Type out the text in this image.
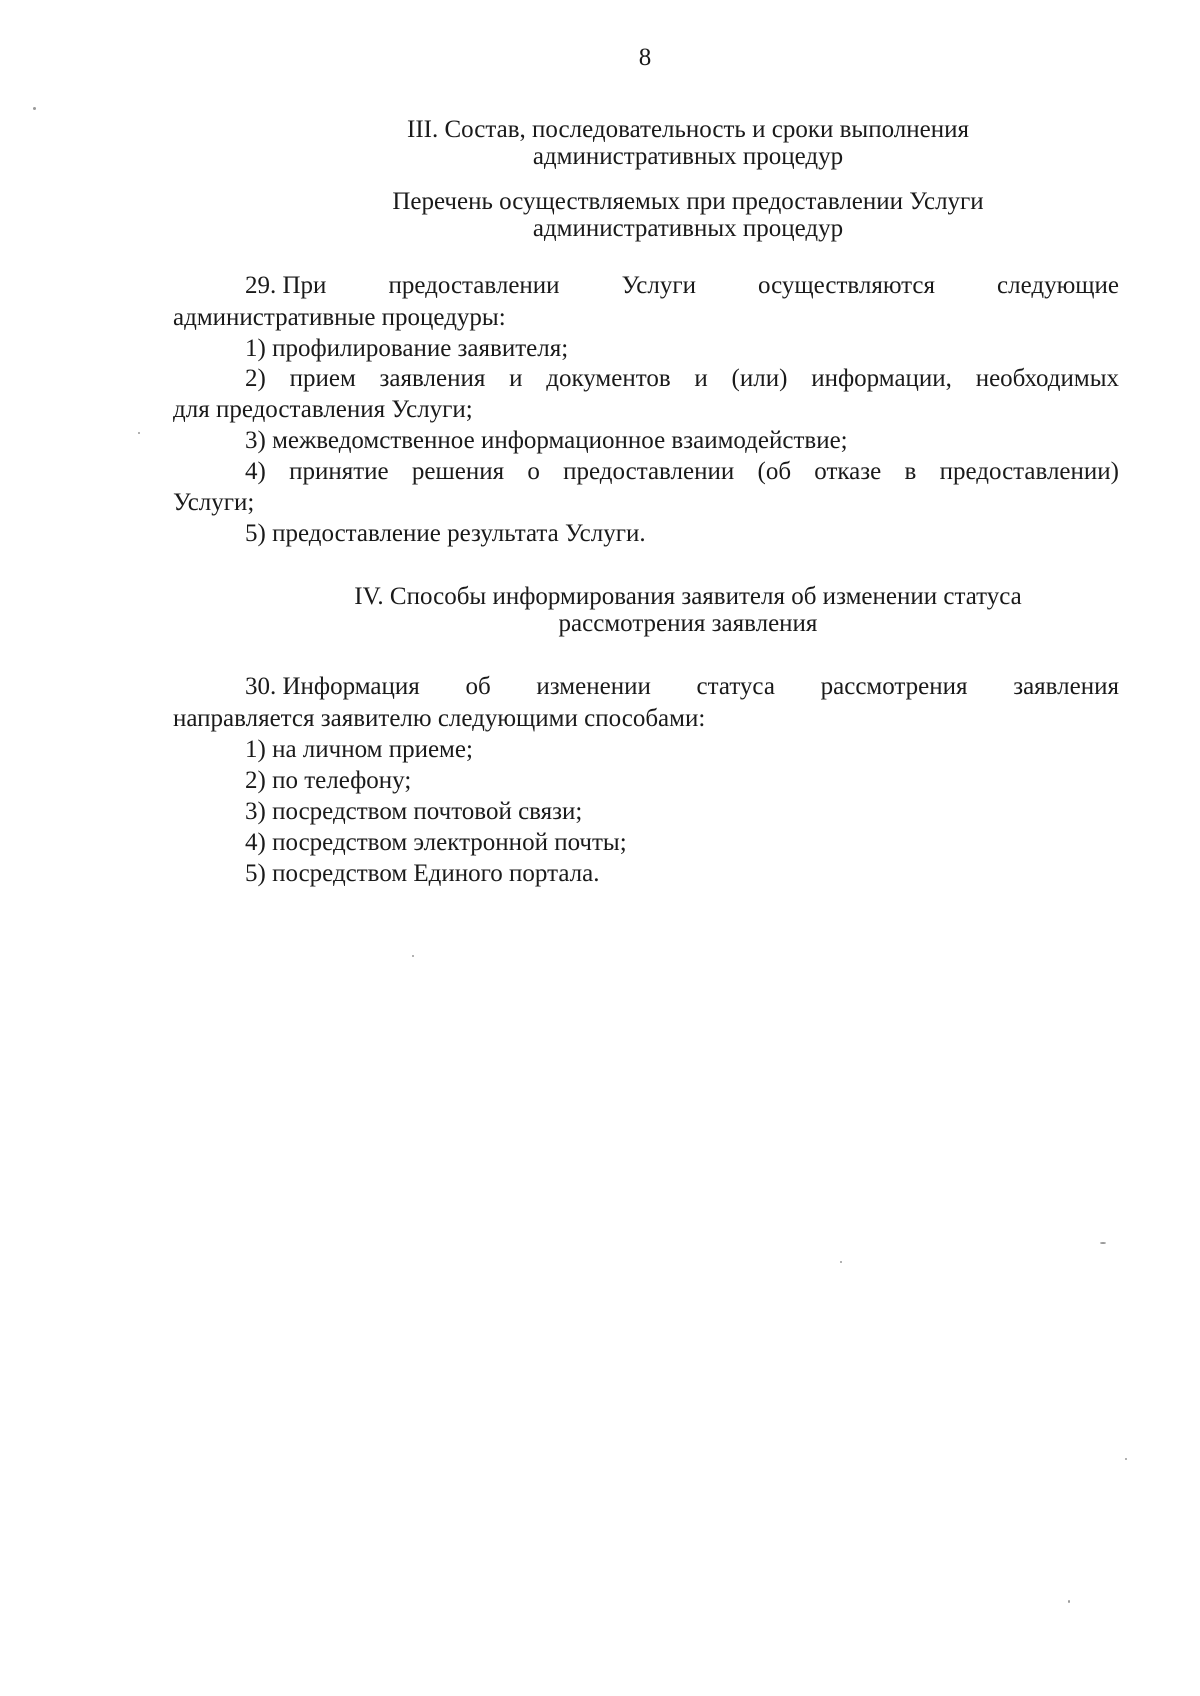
8
III. Состав, последовательность и сроки выполнения
административных процедур
Перечень осуществляемых при предоставлении Услуги
административных процедур
29. При предоставлении Услуги осуществляются следующие
административные процедуры:
1) профилирование заявителя;
2) прием заявления и документов и (или) информации, необходимых
для предоставления Услуги;
3) межведомственное информационное взаимодействие;
4) принятие решения о предоставлении (об отказе в предоставлении)
Услуги;
5) предоставление результата Услуги.
IV. Способы информирования заявителя об изменении статуса
рассмотрения заявления
30. Информация об изменении статуса рассмотрения заявления
направляется заявителю следующими способами:
1) на личном приеме;
2) по телефону;
3) посредством почтовой связи;
4) посредством электронной почты;
5) посредством Единого портала.
